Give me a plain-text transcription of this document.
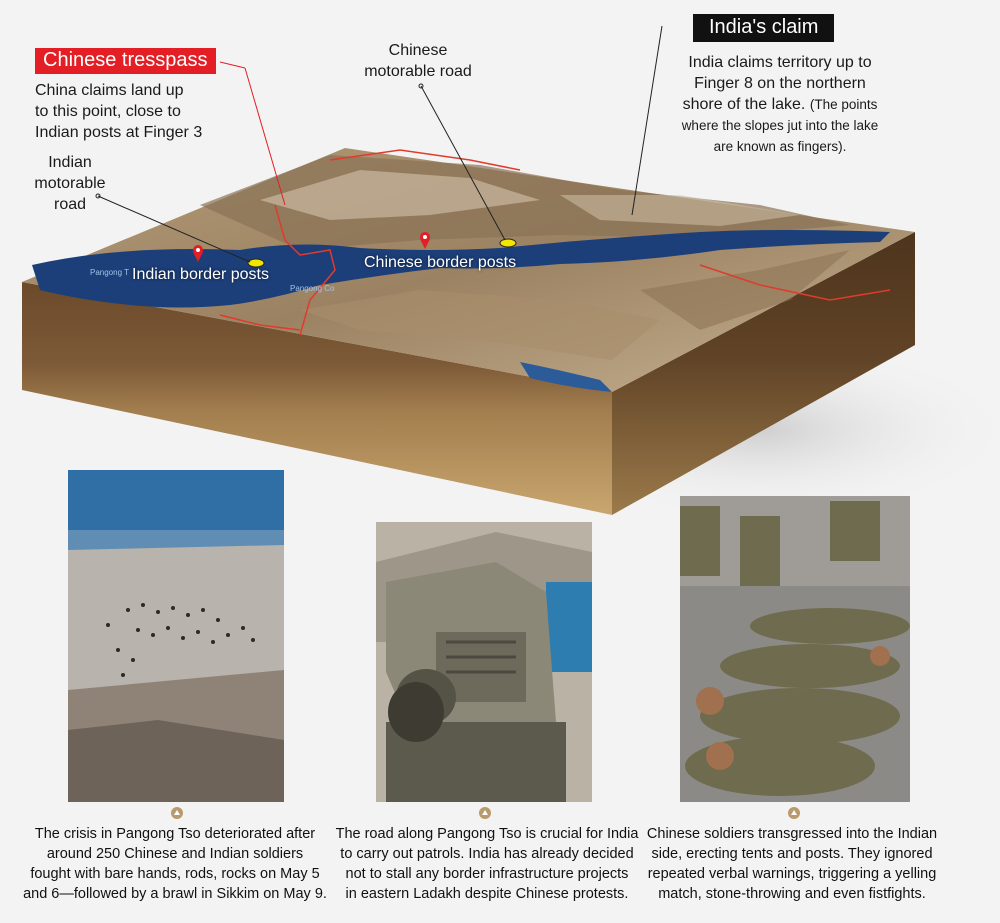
Chinese tresspass
China claims land up
to this point, close to
Indian posts at Finger 3
Chinese
motorable road
Indian
motorable
road
India's claim
India claims territory up to
Finger 8 on the northern
shore of the lake. (The points
where the slopes jut into the lake
are known as fingers).
Indian border posts
Chinese border posts
Pangong T
Pangong Co
The crisis in Pangong Tso deteriorated after
around 250 Chinese and Indian soldiers
fought with bare hands, rods, rocks on May 5
and 6—followed by a brawl in Sikkim on May 9.
The road along Pangong Tso is crucial for India
to carry out patrols. India has already decided
not to stall any border infrastructure projects
in eastern Ladakh despite Chinese protests.
Chinese soldiers transgressed into the Indian
side, erecting tents and posts. They ignored
repeated verbal warnings, triggering a yelling
match, stone-throwing and even fistfights.
